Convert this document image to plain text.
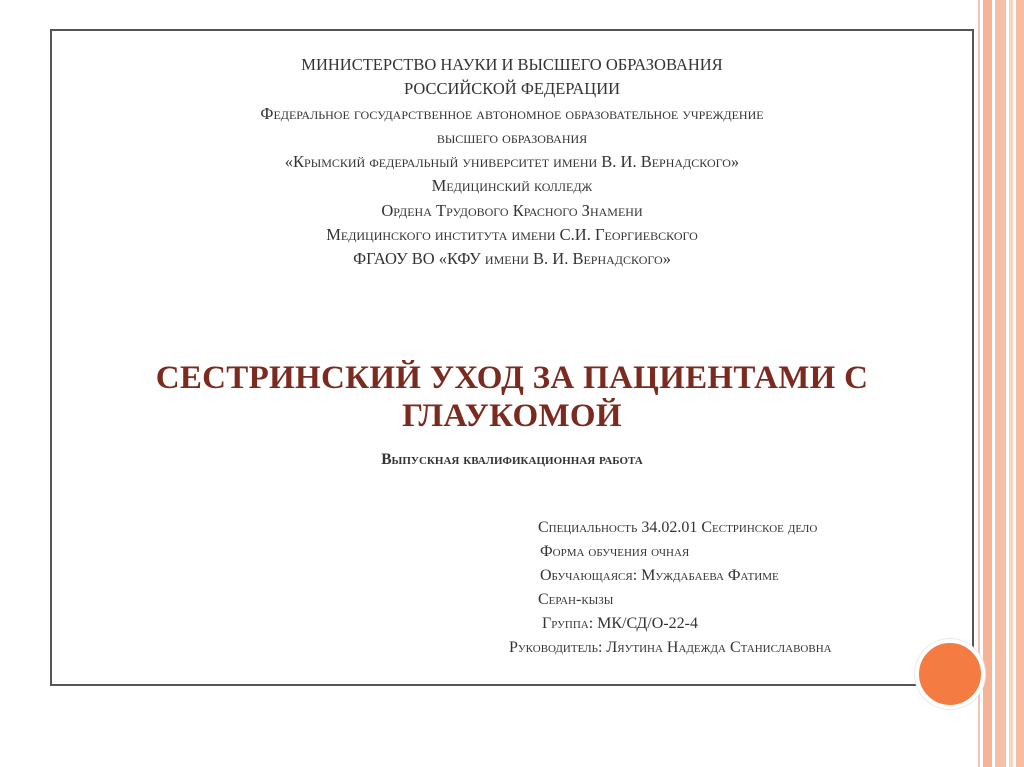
МИНИСТЕРСТВО НАУКИ И ВЫСШЕГО ОБРАЗОВАНИЯ
РОССИЙСКОЙ ФЕДЕРАЦИИ
Федеральное государственное автономное образовательное учреждение
высшего образования
«Крымский федеральный университет имени В. И. Вернадского»
Медицинский колледж
Ордена Трудового Красного Знамени
Медицинского института имени С.И. Георгиевского
ФГАОУ ВО «КФУ имени В. И. Вернадского»
СЕСТРИНСКИЙ УХОД ЗА ПАЦИЕНТАМИ С
ГЛАУКОМОЙ
Выпускная квалификационная работа
Специальность 34.02.01 Сестринское дело
Форма обучения очная
Обучающаяся: Муждабаева Фатиме
Серан-кызы
Группа: МК/СД/О-22-4
Руководитель: Ляутина Надежда Станиславовна
